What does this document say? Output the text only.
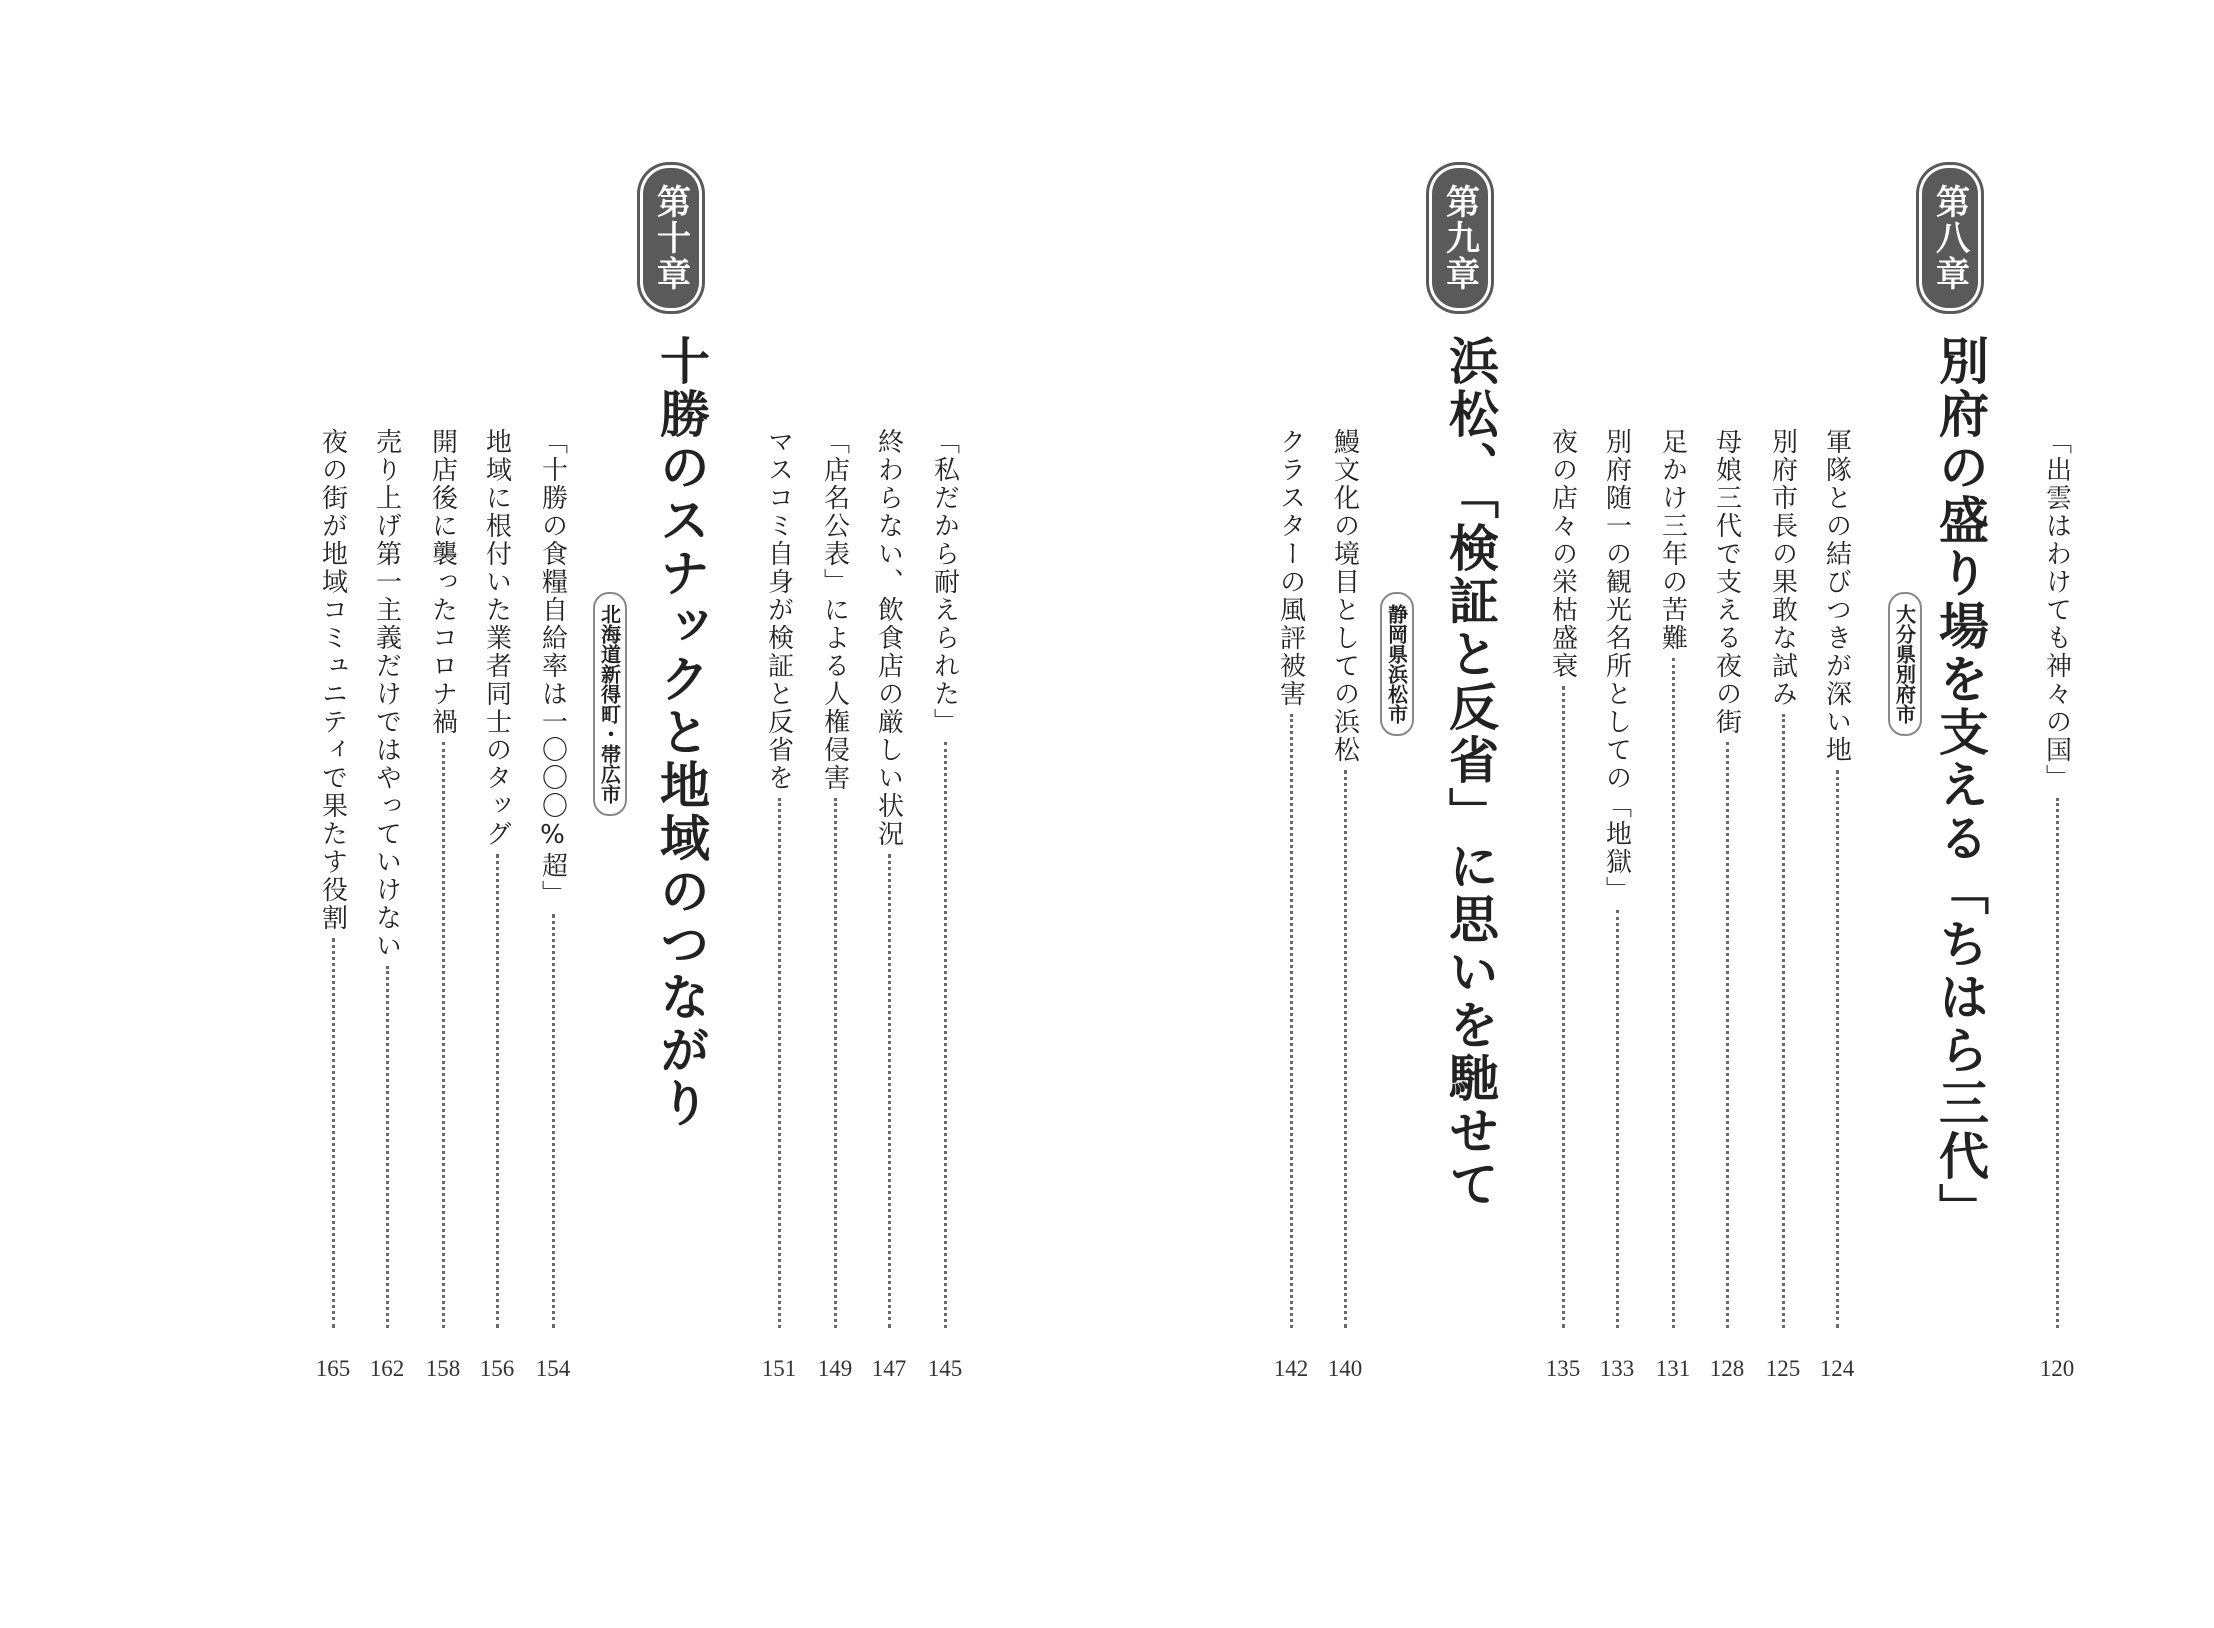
第八章
別府の盛り場を支える「ちはら三代」
大分県別府市
第九章
浜松、「検証と反省」に思いを馳せて
静岡県浜松市
第十章
十勝のスナックと地域のつながり
北海道新得町・帯広市	「出雲はわけても神々の国」
軍隊との結びつきが深い地
別府市長の果敢な試み
母娘三代で支える夜の街
足かけ三年の苦難
別府随一の観光名所としての「地獄」
夜の店々の栄枯盛衰
鰻文化の境目としての浜松
クラスターの風評被害
「私だから耐えられた」
終わらない、飲食店の厳しい状況
「店名公表」による人権侵害
マスコミ自身が検証と反省を
「十勝の食糧自給率は一〇〇〇%超」
地域に根付いた業者同士のタッグ
開店後に襲ったコロナ禍
売り上げ第一主義だけではやっていけない
夜の街が地域コミュニティで果たす役割
120
124
125
128
131
133
135
140
142
145
147
149
151
154
156
158
162
165
